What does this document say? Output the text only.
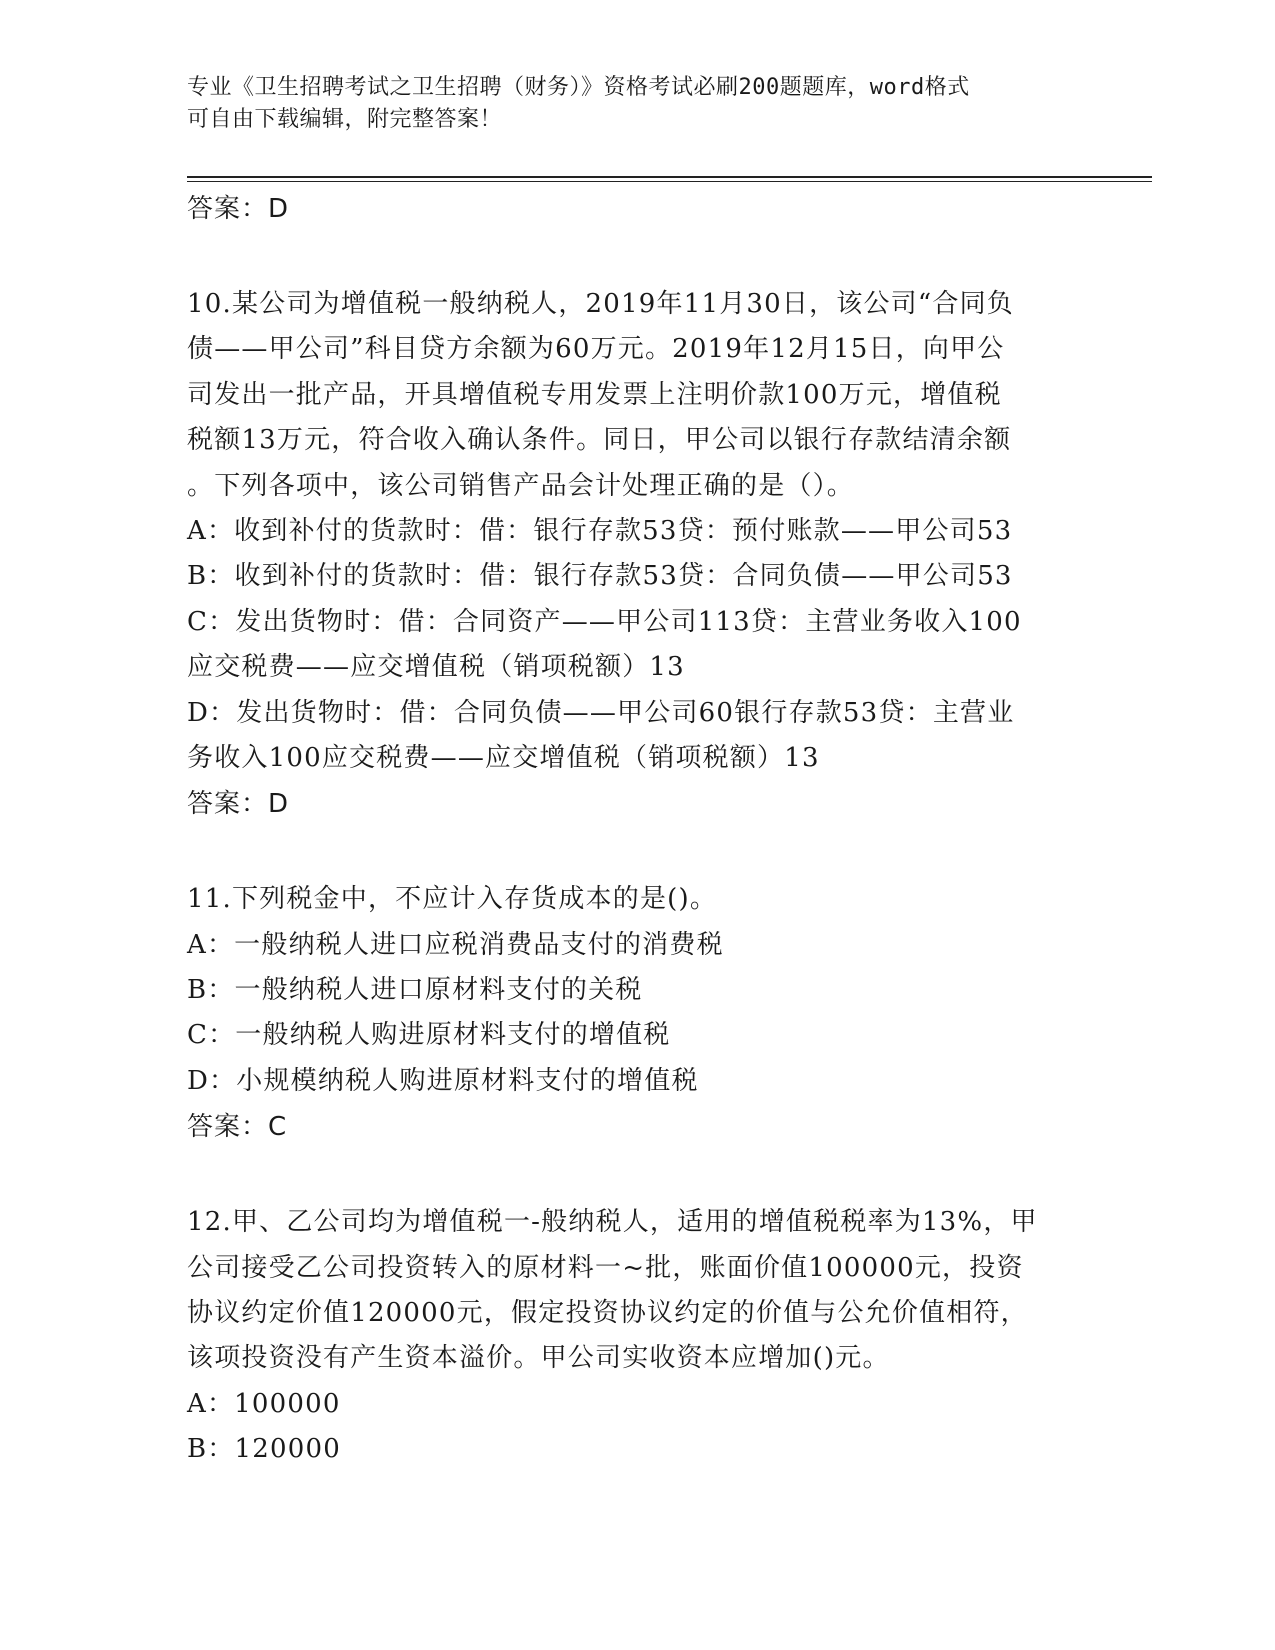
专业《卫生招聘考试之卫生招聘（财务）》资格考试必刷200题题库，word格式
可自由下载编辑，附完整答案！
答案：D
10.某公司为增值税一般纳税人，2019年11月30日，该公司“合同负
债——甲公司”科目贷方余额为60万元。2019年12月15日，向甲公
司发出一批产品，开具增值税专用发票上注明价款100万元，增值税
税额13万元，符合收入确认条件。同日，甲公司以银行存款结清余额
。下列各项中，该公司销售产品会计处理正确的是（）。
A：收到补付的货款时：借：银行存款53贷：预付账款——甲公司53
B：收到补付的货款时：借：银行存款53贷：合同负债——甲公司53
C：发出货物时：借：合同资产——甲公司113贷：主营业务收入100
应交税费——应交增值税（销项税额）13
D：发出货物时：借：合同负债——甲公司60银行存款53贷：主营业
务收入100应交税费——应交增值税（销项税额）13
答案：D
11.下列税金中，不应计入存货成本的是()。
A：一般纳税人进口应税消费品支付的消费税
B：一般纳税人进口原材料支付的关税
C：一般纳税人购进原材料支付的增值税
D：小规模纳税人购进原材料支付的增值税
答案：C
12.甲、乙公司均为增值税一-般纳税人，适用的增值税税率为13%，甲
公司接受乙公司投资转入的原材料一~批，账面价值100000元，投资
协议约定价值120000元，假定投资协议约定的价值与公允价值相符，
该项投资没有产生资本溢价。甲公司实收资本应增加()元。
A：100000
B：120000
